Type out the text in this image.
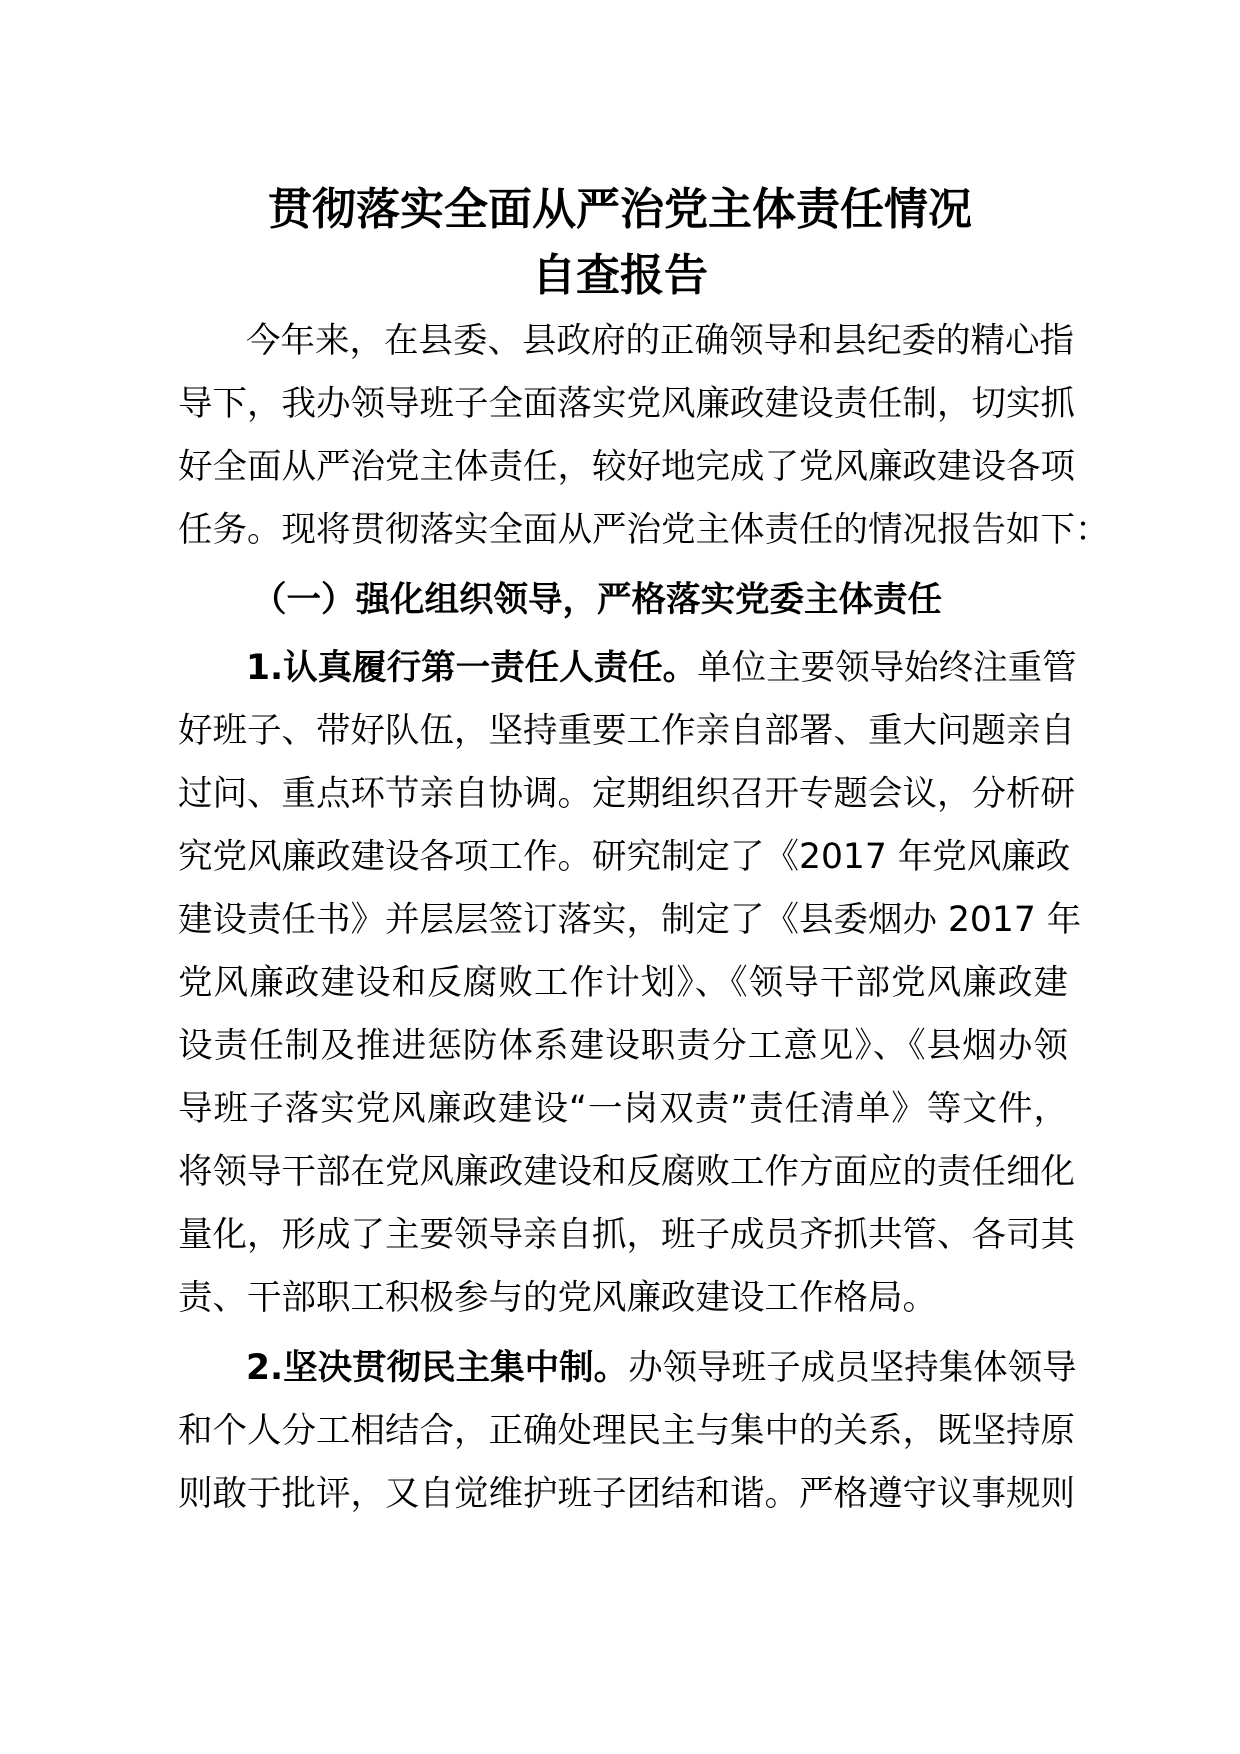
贯彻落实全面从严治党主体责任情况
自查报告
今年来，在县委、县政府的正确领导和县纪委的精心指
导下，我办领导班子全面落实党风廉政建设责任制，切实抓
好全面从严治党主体责任，较好地完成了党风廉政建设各项
任务。现将贯彻落实全面从严治党主体责任的情况报告如下：
（一）强化组织领导，严格落实党委主体责任
1.认真履行第一责任人责任。单位主要领导始终注重管
好班子、带好队伍，坚持重要工作亲自部署、重大问题亲自
过问、重点环节亲自协调。定期组织召开专题会议，分析研
究党风廉政建设各项工作。研究制定了《2017 年党风廉政
建设责任书》并层层签订落实，制定了《县委烟办 2017 年
党风廉政建设和反腐败工作计划》、《领导干部党风廉政建
设责任制及推进惩防体系建设职责分工意见》、《县烟办领
导班子落实党风廉政建设“一岗双责”责任清单》等文件，
将领导干部在党风廉政建设和反腐败工作方面应的责任细化
量化，形成了主要领导亲自抓，班子成员齐抓共管、各司其
责、干部职工积极参与的党风廉政建设工作格局。
2.坚决贯彻民主集中制。办领导班子成员坚持集体领导
和个人分工相结合，正确处理民主与集中的关系，既坚持原
则敢于批评，又自觉维护班子团结和谐。严格遵守议事规则
